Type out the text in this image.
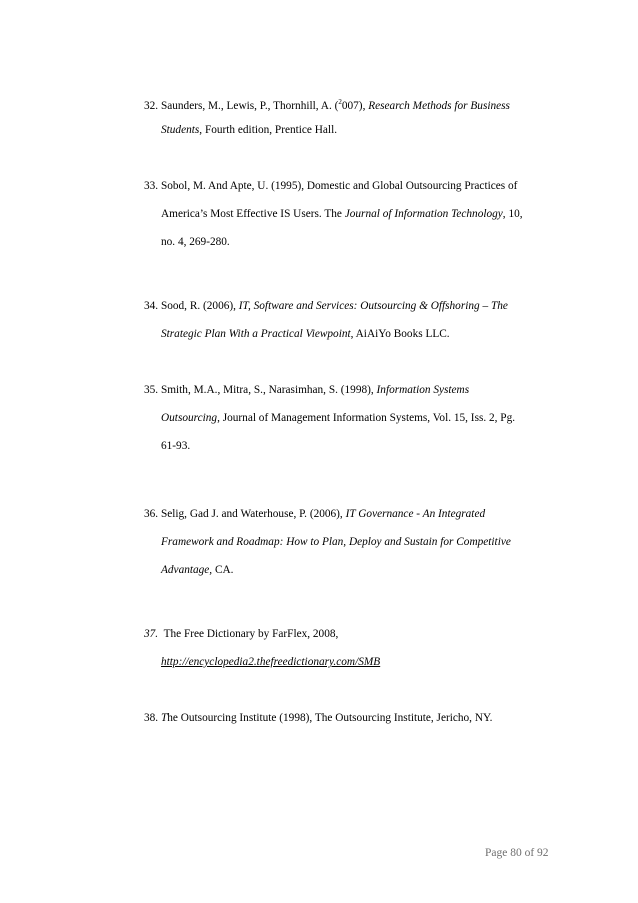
32. Saunders, M., Lewis, P., Thornhill, A. ($^2$007), Research Methods for Business
Students, Fourth edition, Prentice Hall.
33. Sobol, M. And Apte, U. (1995), Domestic and Global Outsourcing Practices of
America’s Most Effective IS Users. The Journal of Information Technology, 10,
no. 4, 269-280.
34. Sood, R. (2006), IT, Software and Services: Outsourcing & Offshoring – The
Strategic Plan With a Practical Viewpoint, AiAiYo Books LLC.
35. Smith, M.A., Mitra, S., Narasimhan, S. (1998), Information Systems
Outsourcing, Journal of Management Information Systems, Vol. 15, Iss. 2, Pg.
61-93.
36. Selig, Gad J. and Waterhouse, P. (2006), IT Governance - An Integrated
Framework and Roadmap: How to Plan, Deploy and Sustain for Competitive
Advantage, CA.
37.  The Free Dictionary by FarFlex, 2008,
http://encyclopedia2.thefreedictionary.com/SMB
38. The Outsourcing Institute (1998), The Outsourcing Institute, Jericho, NY.
Page 80 of 92
